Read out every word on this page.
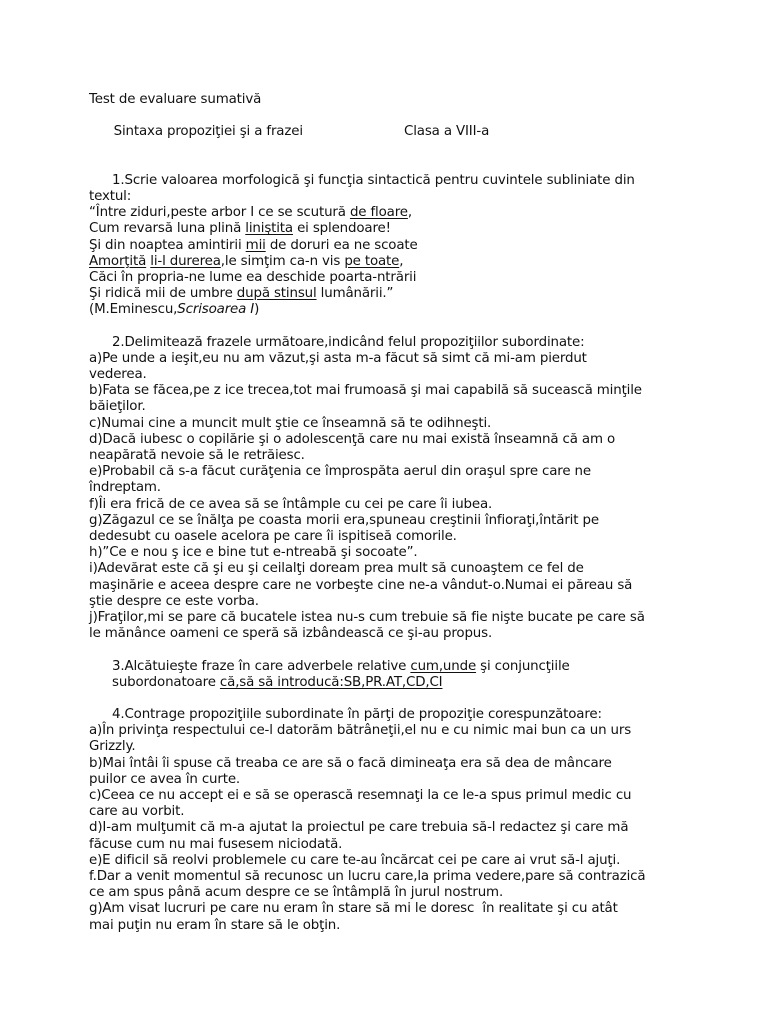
Test de evaluare sumativă

Sintaxa propoziţiei şi a frazei	Clasa a VIII-a

1.Scrie valoarea morfologică şi funcţia sintactică pentru cuvintele subliniate din
textul:
“Între ziduri,peste arbor I ce se scutură de floare,
Cum revarsă luna plină liniştita ei splendoare!
Şi din noaptea amintirii mii de doruri ea ne scoate
Amorţită li-l durerea,le simţim ca-n vis pe toate,
Căci în propria-ne lume ea deschide poarta-ntrării
Şi ridică mii de umbre după stinsul lumânării.”
(M.Eminescu,Scrisoarea I)
2.Delimitează frazele următoare,indicând felul propoziţiilor subordinate:
a)Pe unde a ieşit,eu nu am văzut,şi asta m-a făcut să simt că mi-am pierdut
vederea.
b)Fata se făcea,pe z ice trecea,tot mai frumoasă şi mai capabilă să sucească minţile
băieţilor.
c)Numai cine a muncit mult ştie ce înseamnă să te odihneşti.
d)Dacă iubesc o copilărie şi o adolescenţă care nu mai există înseamnă că am o
neapărată nevoie să le retrăiesc.
e)Probabil că s-a făcut curăţenia ce împrospăta aerul din oraşul spre care ne
îndreptam.
f)Îi era frică de ce avea să se întâmple cu cei pe care îi iubea.
g)Zăgazul ce se înălţa pe coasta morii era,spuneau creştinii înfioraţi,întărit pe
dedesubt cu oasele acelora pe care îi ispitiseă comorile.
h)”Ce e nou ş ice e bine tut e-ntreabă şi socoate”.
i)Adevărat este că şi eu şi ceilalţi doream prea mult să cunoaştem ce fel de
maşinărie e aceea despre care ne vorbeşte cine ne-a vândut-o.Numai ei păreau să
ştie despre ce este vorba.
j)Fraţilor,mi se pare că bucatele istea nu-s cum trebuie să fie nişte bucate pe care să
le mănânce oameni ce speră să izbândească ce şi-au propus.
3.Alcătuieşte fraze în care adverbele relative cum,unde şi conjuncţiile
subordonatoare că,să să introducă:SB,PR.AT,CD,CI
4.Contrage propoziţiile subordinate în părţi de propoziţie corespunzătoare:
a)În privinţa respectului ce-l datorăm bătrâneţii,el nu e cu nimic mai bun ca un urs
Grizzly.
b)Mai întâi îi spuse că treaba ce are să o facă dimineaţa era să dea de mâncare
puilor ce avea în curte.
c)Ceea ce nu accept ei e să se operască resemnaţi la ce le-a spus primul medic cu
care au vorbit.
d)I-am mulţumit că m-a ajutat la proiectul pe care trebuia să-l redactez şi care mă
făcuse cum nu mai fusesem niciodată.
e)E dificil să reolvi problemele cu care te-au încărcat cei pe care ai vrut să-l ajuţi.
f.Dar a venit momentul să recunosc un lucru care,la prima vedere,pare să contrazică
ce am spus până acum despre ce se întâmplă în jurul nostrum.
g)Am visat lucruri pe care nu eram în stare să mi le doresc  în realitate şi cu atât
mai puţin nu eram în stare să le obţin.
